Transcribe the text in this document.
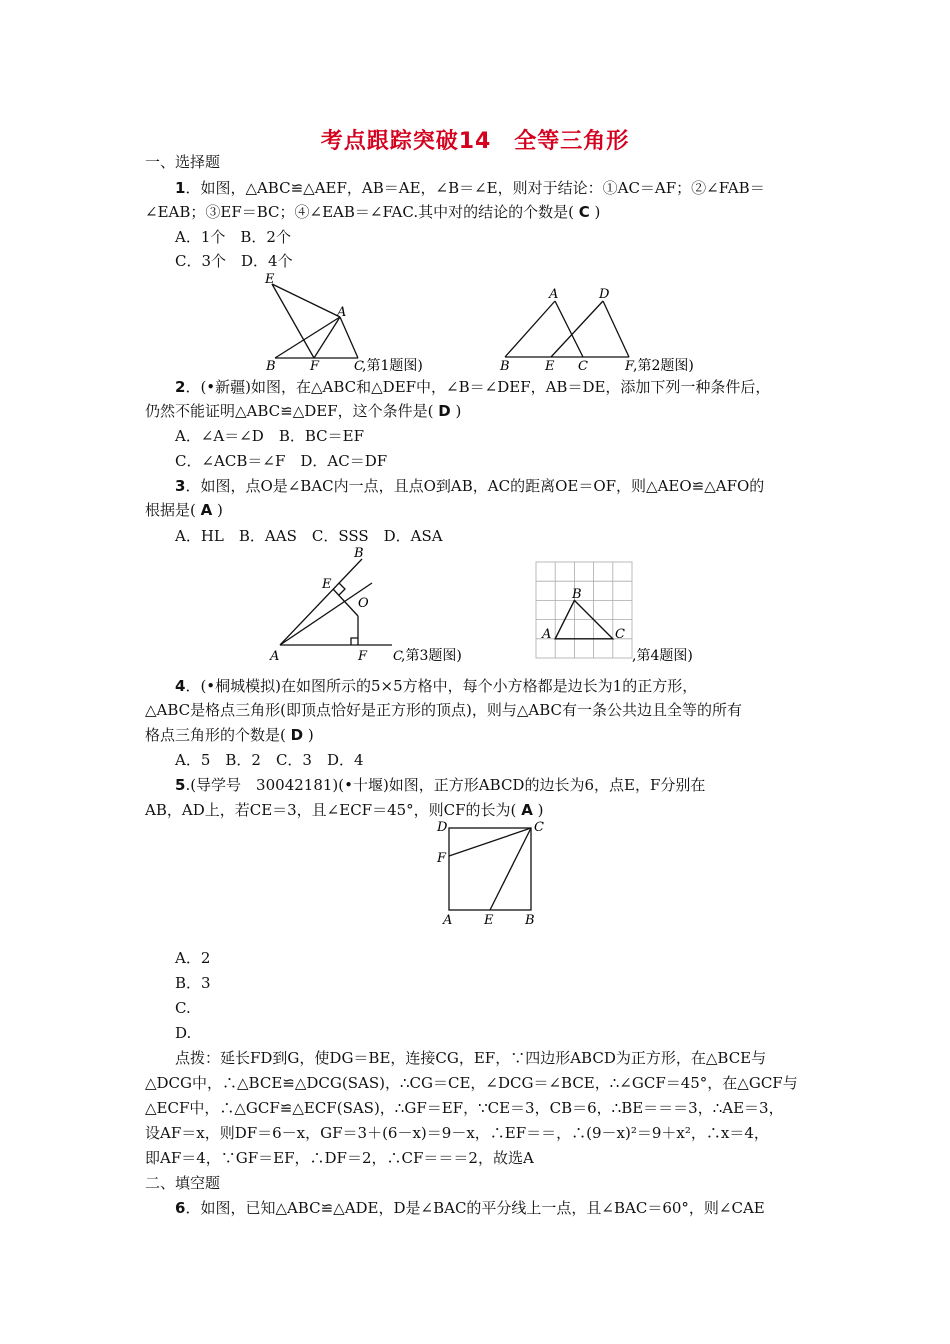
考点跟踪突破14　全等三角形
一、选择题
1．如图，△ABC≌△AEF，AB＝AE，∠B＝∠E，则对于结论：①AC＝AF；②∠FAB＝
∠EAB；③EF＝BC；④∠EAB＝∠FAC.其中对的结论的个数是( C )
A．1个　B．2个
C．3个　D．4个
E
A
B	F	C
,第1题图)
A	D
B	E C	F
,第2题图)
2．(•新疆)如图，在△ABC和△DEF中，∠B＝∠DEF，AB＝DE，添加下列一种条件后，
仍然不能证明△ABC≌△DEF，这个条件是( D )
A．∠A＝∠D　B．BC＝EF
C．∠ACB＝∠F　D．AC＝DF
3．如图，点O是∠BAC内一点，且点O到AB，AC的距离OE＝OF，则△AEO≌△AFO的
根据是( A )
A．HL　B．AAS　C．SSS　D．ASA
B
E
O
A	F C
,第3题图)
B
A	C
,第4题图)
4．(•桐城模拟)在如图所示的5×5方格中，每个小方格都是边长为1的正方形，
△ABC是格点三角形(即顶点恰好是正方形的顶点)，则与△ABC有一条公共边且全等的所有
格点三角形的个数是( D )
A．5　B．2　C．3　D．4
5.(导学号　30042181)(•十堰)如图，正方形ABCD的边长为6，点E，F分别在
AB，AD上，若CE＝3，且∠ECF＝45°，则CF的长为( A )
D	C
F
A E B
A．2
B．3
C.
D.
点拨：延长FD到G，使DG＝BE，连接CG，EF，∵四边形ABCD为正方形，在△BCE与
△DCG中，∴△BCE≌△DCG(SAS)，∴CG＝CE，∠DCG＝∠BCE，∴∠GCF＝45°，在△GCF与
△ECF中，∴△GCF≌△ECF(SAS)，∴GF＝EF，∵CE＝3，CB＝6，∴BE＝＝＝3，∴AE＝3，
设AF＝x，则DF＝6－x，GF＝3＋(6－x)＝9－x，∴EF＝＝，∴(9－x)²＝9＋x²，∴x＝4，
即AF＝4，∵GF＝EF，∴DF＝2，∴CF＝＝＝2，故选A
二、填空题
6．如图，已知△ABC≌△ADE，D是∠BAC的平分线上一点，且∠BAC＝60°，则∠CAE
